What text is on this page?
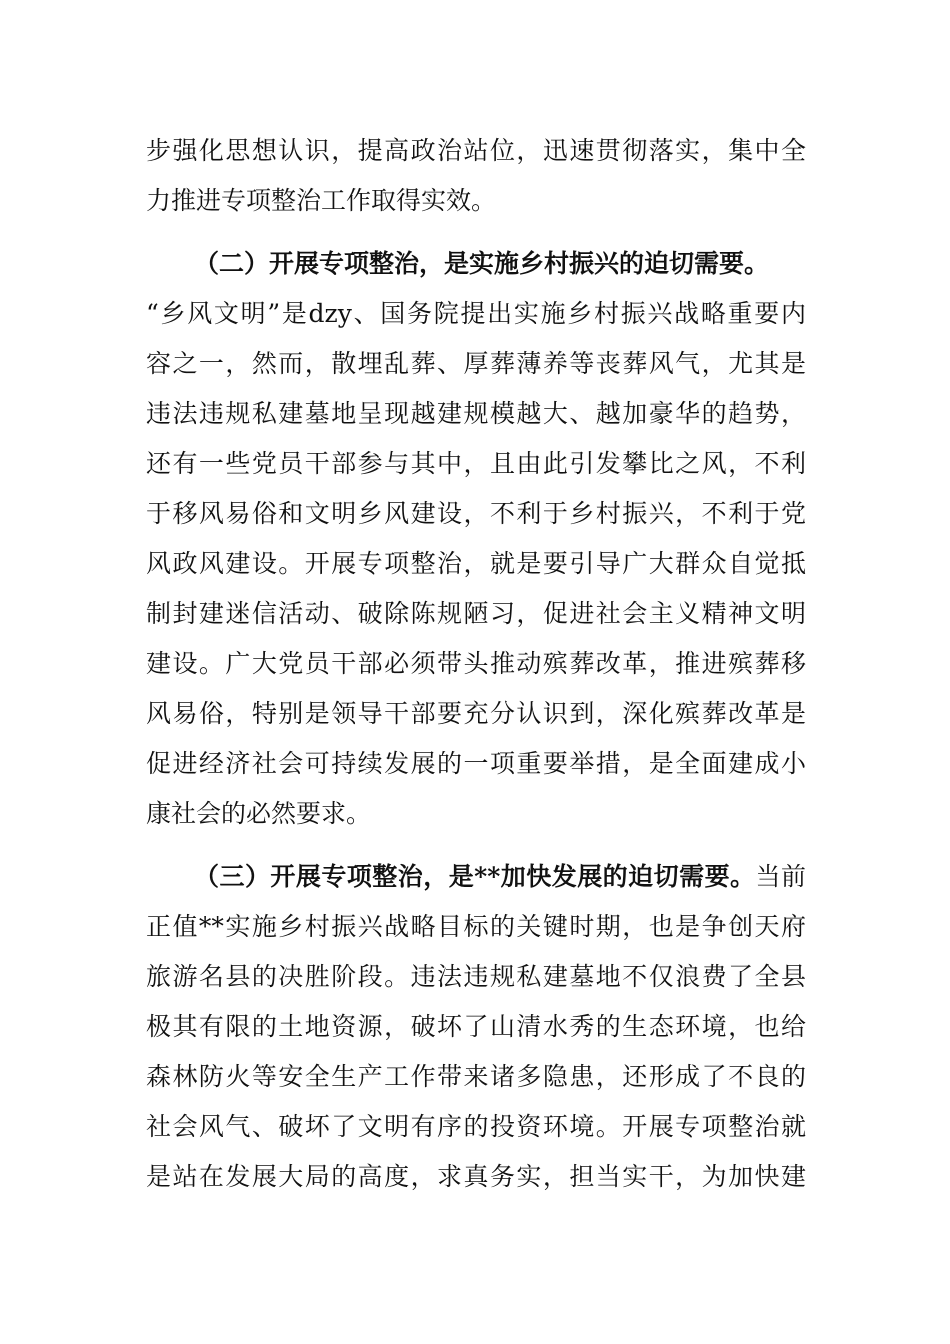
步强化思想认识，提高政治站位，迅速贯彻落实，集中全
力推进专项整治工作取得实效。
（二）开展专项整治，是实施乡村振兴的迫切需要。
“乡风文明”是dzy、国务院提出实施乡村振兴战略重要内
容之一，然而，散埋乱葬、厚葬薄养等丧葬风气，尤其是
违法违规私建墓地呈现越建规模越大、越加豪华的趋势，
还有一些党员干部参与其中，且由此引发攀比之风，不利
于移风易俗和文明乡风建设，不利于乡村振兴，不利于党
风政风建设。开展专项整治，就是要引导广大群众自觉抵
制封建迷信活动、破除陈规陋习，促进社会主义精神文明
建设。广大党员干部必须带头推动殡葬改革，推进殡葬移
风易俗，特别是领导干部要充分认识到，深化殡葬改革是
促进经济社会可持续发展的一项重要举措，是全面建成小
康社会的必然要求。
（三）开展专项整治，是**加快发展的迫切需要。当前
正值**实施乡村振兴战略目标的关键时期，也是争创天府
旅游名县的决胜阶段。违法违规私建墓地不仅浪费了全县
极其有限的土地资源，破坏了山清水秀的生态环境，也给
森林防火等安全生产工作带来诸多隐患，还形成了不良的
社会风气、破坏了文明有序的投资环境。开展专项整治就
是站在发展大局的高度，求真务实，担当实干，为加快建
